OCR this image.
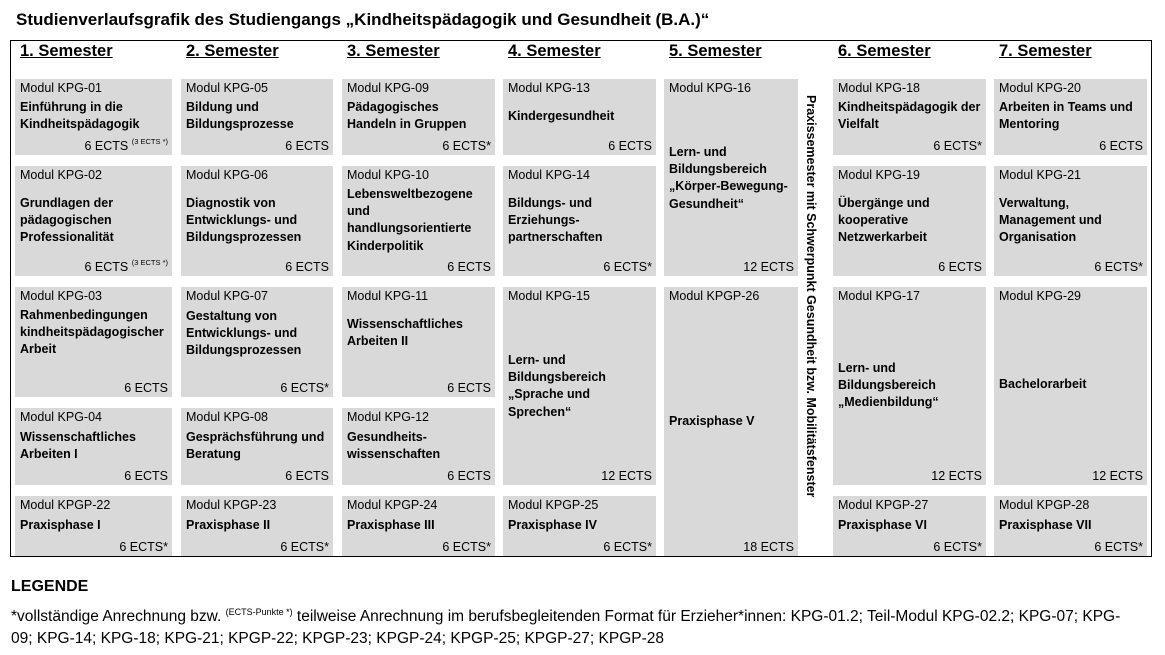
Studienverlaufsgrafik des Studiengangs „Kindheitspädagogik und Gesundheit (B.A.)“
1. Semester	2. Semester	3. Semester	4. Semester	5. Semester	6. Semester	7. Semester
Modul KPG-01
Einführung in die Kindheitspädagogik
6 ECTS $^{(3 ECTS *)}$
Modul KPG-02
Grundlagen der pädagogischen Professionalität
6 ECTS $^{(3 ECTS *)}$
Modul KPG-03
Rahmenbedingungen kindheitspädagogischer Arbeit
6 ECTS
Modul KPG-04
Wissenschaftliches Arbeiten I
6 ECTS
Modul KPGP-22
Praxisphase I
6 ECTS*
Modul KPG-05
Bildung und Bildungsprozesse
6 ECTS
Modul KPG-06
Diagnostik von Entwicklungs- und Bildungsprozessen
6 ECTS
Modul KPG-07
Gestaltung von Entwicklungs- und Bildungsprozessen
6 ECTS*
Modul KPG-08
Gesprächsführung und Beratung
6 ECTS
Modul KPGP-23
Praxisphase II
6 ECTS*
Modul KPG-09
Pädagogisches Handeln in Gruppen
6 ECTS*
Modul KPG-10
Lebensweltbezogene und handlungsorientierte Kinderpolitik
6 ECTS
Modul KPG-11
Wissenschaftliches Arbeiten II
6 ECTS
Modul KPG-12
Gesundheits-wissenschaften
6 ECTS
Modul KPGP-24
Praxisphase III
6 ECTS*
Modul KPG-13
Kindergesundheit
6 ECTS
Modul KPG-14
Bildungs- und Erziehungs-partnerschaften
6 ECTS*
Modul KPG-15
Lern- und Bildungsbereich „Sprache und Sprechen“
12 ECTS
Modul KPGP-25
Praxisphase IV
6 ECTS*
Modul KPG-16
Lern- und Bildungsbereich „Körper-Bewegung-Gesundheit“
12 ECTS
Modul KPGP-26
Praxisphase V
18 ECTS
Praxissemester mit Schwerpunkt Gesundheit bzw. Mobilitätsfenster
Modul KPG-18
Kindheitspädagogik der Vielfalt
6 ECTS*
Modul KPG-19
Übergänge und kooperative Netzwerkarbeit
6 ECTS
Modul KPG-17
Lern- und Bildungsbereich „Medienbildung“
12 ECTS
Modul KPGP-27
Praxisphase VI
6 ECTS*
Modul KPG-20
Arbeiten in Teams und Mentoring
6 ECTS
Modul KPG-21
Verwaltung, Management und Organisation
6 ECTS*
Modul KPG-29
Bachelorarbeit
12 ECTS
Modul KPGP-28
Praxisphase VII
6 ECTS*
LEGENDE
*vollständige Anrechnung bzw. $^{(ECTS-Punkte *)}$ teilweise Anrechnung im berufsbegleitenden Format für Erzieher*innen: KPG-01.2; Teil-Modul KPG-02.2; KPG-07; KPG-09; KPG-14; KPG-18; KPG-21; KPGP-22; KPGP-23; KPGP-24; KPGP-25; KPGP-27; KPGP-28
